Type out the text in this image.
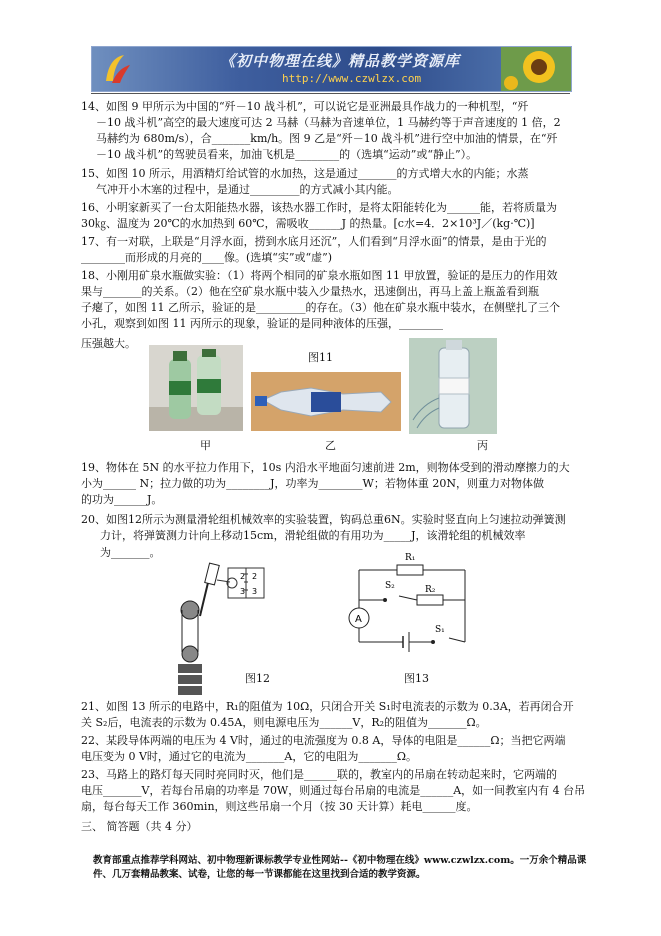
《初中物理在线》精品教学资源库
http://www.czwlzx.com
14、如图 9 甲所示为中国的“歼－10 战斗机”，可以说它是亚洲最具作战力的一种机型，“歼
－10 战斗机”高空的最大速度可达 2 马赫（马赫为音速单位，1 马赫约等于声音速度的 1 倍，2
马赫约为 680m/s），合_______km/h。图 9 乙是“歼－10 战斗机”进行空中加油的情景，在“歼
－10 战斗机”的驾驶员看来，加油飞机是________的（选填“运动”或“静止”）。
15、如图 10 所示，用酒精灯给试管的水加热，这是通过_______的方式增大水的内能；水蒸
气冲开小木塞的过程中，是通过_________的方式减小其内能。
16、小明家新买了一台太阳能热水器，该热水器工作时，是将太阳能转化为______能，若将质量为
30㎏、温度为 20℃的水加热到 60℃，需吸收______J 的热量。[c水=4．2×10³J／(kg·℃)]
17、有一对联，上联是“月浮水面，捞到水底月还沉”，人们看到“月浮水面”的情景，是由于光的
________而形成的月亮的____像。(选填“实”或“虚”)
18、小刚用矿泉水瓶做实验：（1）将两个相同的矿泉水瓶如图 11 甲放置，验证的是压力的作用效
果与_______的关系。（2）他在空矿泉水瓶中装入少量热水，迅速倒出，再马上盖上瓶盖看到瓶
子瘪了，如图 11 乙所示，验证的是_________的存在。（3）他在矿泉水瓶中装水，在侧壁扎了三个
小孔，观察到如图 11 丙所示的现象，验证的是同种液体的压强，________
压强越大。
图11
甲	乙	丙
19、物体在 5N 的水平拉力作用下，10s 内沿水平地面匀速前进 2m，则物体受到的滑动摩擦力的大
小为______ N；拉力做的功为________J，功率为________W；若物体重 20N，则重力对物体做
的功为______J。
20、如图12所示为测量滑轮组机械效率的实验装置，钩码总重6N。实验时竖直向上匀速拉动弹簧测
力计，将弹簧测力计向上移动15cm，滑轮组做的有用功为_____J，该滑轮组的机械效率
为_______。
2
3
2
3
图12
A
R₁
R₂
S₂
S₁
图13
21、如图 13 所示的电路中，R₁的阻值为 10Ω，只闭合开关 S₁时电流表的示数为 0.3A，若再闭合开
关 S₂后，电流表的示数为 0.45A，则电源电压为______V，R₂的阻值为_______Ω。
22、某段导体两端的电压为 4 V时，通过的电流强度为 0.8 A，导体的电阻是______Ω；当把它两端
电压变为 0 V时，通过它的电流为_______A，它的电阻为_______Ω。
23、马路上的路灯每天同时亮同时灭，他们是______联的，教室内的吊扇在转动起来时，它两端的
电压_______V，若每台吊扇的功率是 70W，则通过每台吊扇的电流是______A，如一间教室内有 4 台吊
扇，每台每天工作 360min，则这些吊扇一个月（按 30 天计算）耗电______度。
三、 简答题（共 4 分）
教育部重点推荐学科网站、初中物理新课标教学专业性网站--《初中物理在线》www.czwlzx.com。一万余个精品课
件、几万套精品教案、试卷，让您的每一节课都能在这里找到合适的教学资源。
